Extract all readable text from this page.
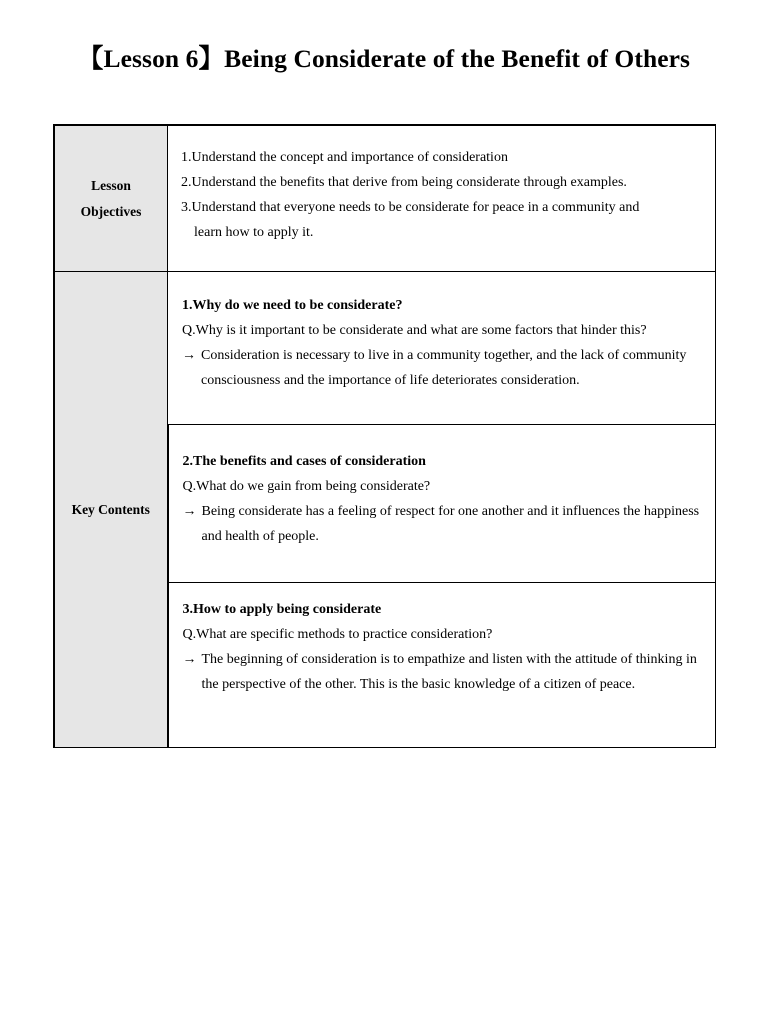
【Lesson 6】Being Considerate of the Benefit of Others
Lesson
Objectives	1.Understand the concept and importance of consideration
2.Understand the benefits that derive from being considerate through examples.
3.Understand that everyone needs to be considerate for peace in a community and
learn how to apply it.

Key Contents	1.Why do we need to be considerate?
Q.Why is it important to be considerate and what are some factors that hinder this?
→ Consideration is necessary to live in a community together, and the lack of community consciousness and the importance of life deteriorates consideration.

	2.The benefits and cases of consideration
Q.What do we gain from being considerate?
→ Being considerate has a feeling of respect for one another and it influences the happiness and health of people.

	3.How to apply being considerate
Q.What are specific methods to practice consideration?
→ The beginning of consideration is to empathize and listen with the attitude of thinking in the perspective of the other. This is the basic knowledge of a citizen of peace.
